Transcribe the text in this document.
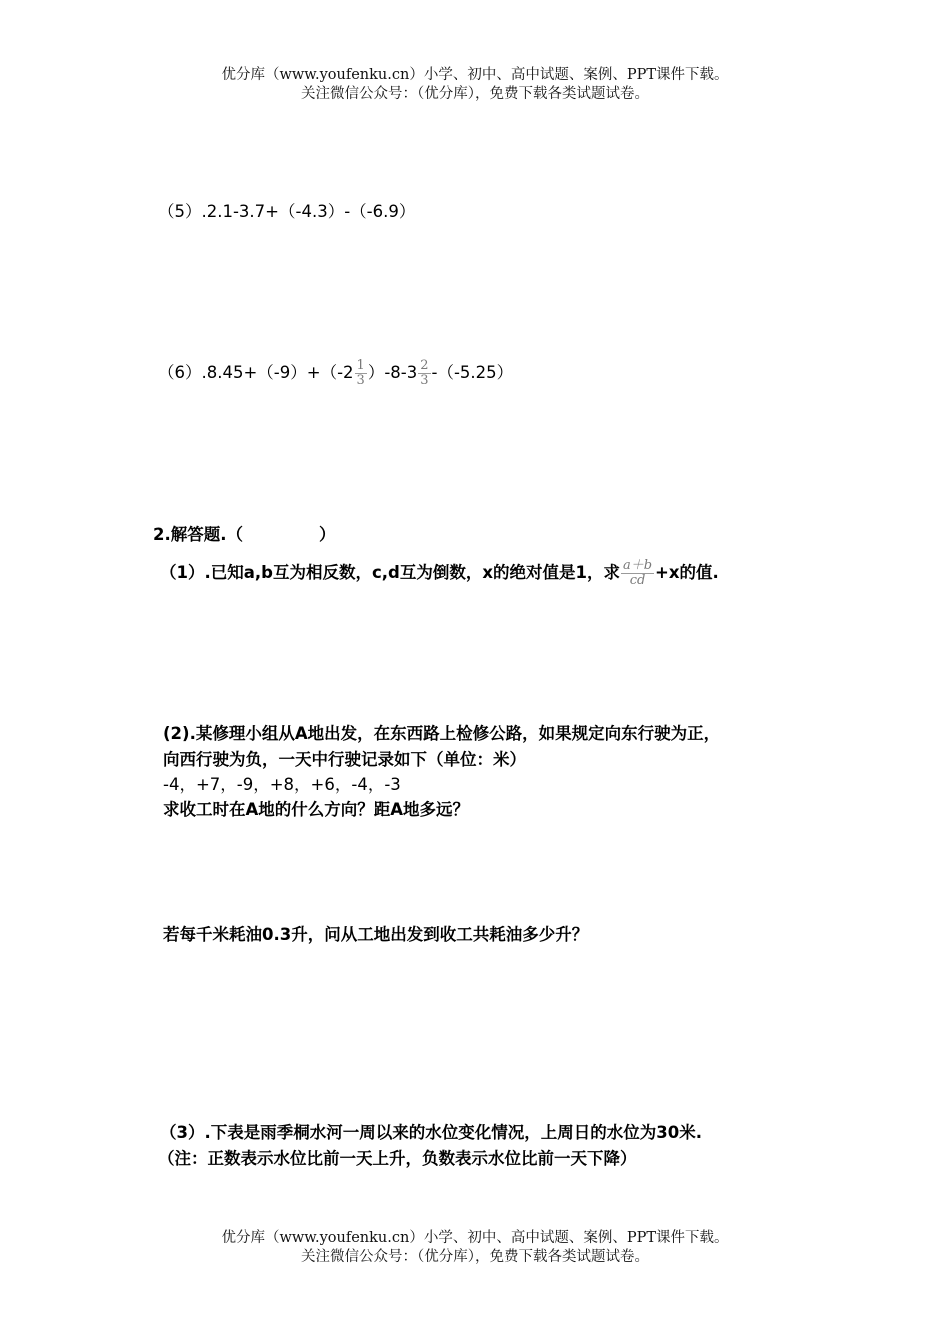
优分库（www.youfenku.cn）小学、初中、高中试题、案例、PPT课件下载。
关注微信公众号：（优分库），免费下载各类试题试卷。
（5）.2.1-3.7+（-4.3）-（-6.9）
$(6).8.45+(-9)+(-2 \frac{1}{3} )-8-3 \frac{2}{3} -(-5.25)$
2.解答题.（	）
（1）.已知a,b互为相反数，c,d互为倒数，x的绝对值是1，求 $\frac{a+b}{cd} +x$的值.
(2).某修理小组从A地出发，在东西路上检修公路，如果规定向东行驶为正，
向西行驶为负，一天中行驶记录如下（单位：米）
-4，+7，-9，+8，+6，-4，-3
求收工时在A地的什么方向？距A地多远？
若每千米耗油0.3升，问从工地出发到收工共耗油多少升？
（3）.下表是雨季桐水河一周以来的水位变化情况，上周日的水位为30米.
（注：正数表示水位比前一天上升，负数表示水位比前一天下降）
优分库（www.youfenku.cn）小学、初中、高中试题、案例、PPT课件下载。
关注微信公众号：（优分库），免费下载各类试题试卷。
